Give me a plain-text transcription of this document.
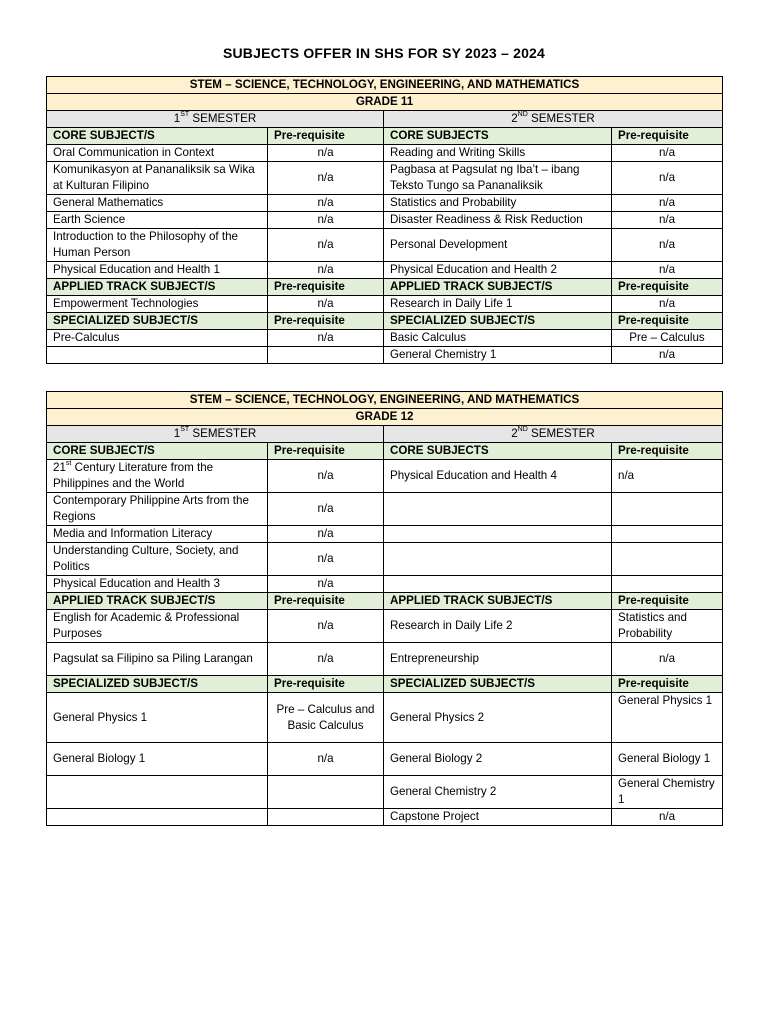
SUBJECTS OFFER IN SHS FOR SY 2023 – 2024
STEM – SCIENCE, TECHNOLOGY, ENGINEERING, AND MATHEMATICS			
GRADE 11			
1ST SEMESTER		2ND SEMESTER	
CORE SUBJECT/S	Pre-requisite	CORE SUBJECTS	Pre-requisite
Oral Communication in Context	n/a	Reading and Writing Skills	n/a
Komunikasyon at Pananaliksik sa Wika at Kulturan Filipino	n/a	Pagbasa at Pagsulat ng Iba’t – ibang Teksto Tungo sa Pananaliksik	n/a
General Mathematics	n/a	Statistics and Probability	n/a
Earth Science	n/a	Disaster Readiness & Risk Reduction	n/a
Introduction to the Philosophy of the Human Person	n/a	Personal Development	n/a
Physical Education and Health 1	n/a	Physical Education and Health 2	n/a
APPLIED TRACK SUBJECT/S	Pre-requisite	APPLIED TRACK SUBJECT/S	Pre-requisite
Empowerment Technologies	n/a	Research in Daily Life 1	n/a
SPECIALIZED SUBJECT/S	Pre-requisite	SPECIALIZED SUBJECT/S	Pre-requisite
Pre-Calculus	n/a	Basic Calculus	Pre – Calculus
		General Chemistry 1	n/a
STEM – SCIENCE, TECHNOLOGY, ENGINEERING, AND MATHEMATICS			
GRADE 12			
1ST SEMESTER		2ND SEMESTER	
CORE SUBJECT/S	Pre-requisite	CORE SUBJECTS	Pre-requisite
21st Century Literature from the Philippines and the World	n/a	Physical Education and Health 4	n/a
Contemporary Philippine Arts from the Regions	n/a		
Media and Information Literacy	n/a		
Understanding Culture, Society, and Politics	n/a		
Physical Education and Health 3	n/a		
APPLIED TRACK SUBJECT/S	Pre-requisite	APPLIED TRACK SUBJECT/S	Pre-requisite
English for Academic & Professional Purposes	n/a	Research in Daily Life 2	Statistics and Probability
Pagsulat sa Filipino sa Piling Larangan	n/a	Entrepreneurship	n/a
SPECIALIZED SUBJECT/S	Pre-requisite	SPECIALIZED SUBJECT/S	Pre-requisite
General Physics 1	Pre – Calculus and Basic Calculus	General Physics 2	General Physics 1
General Biology 1	n/a	General Biology 2	General Biology 1
		General Chemistry 2	General Chemistry 1
		Capstone Project	n/a
